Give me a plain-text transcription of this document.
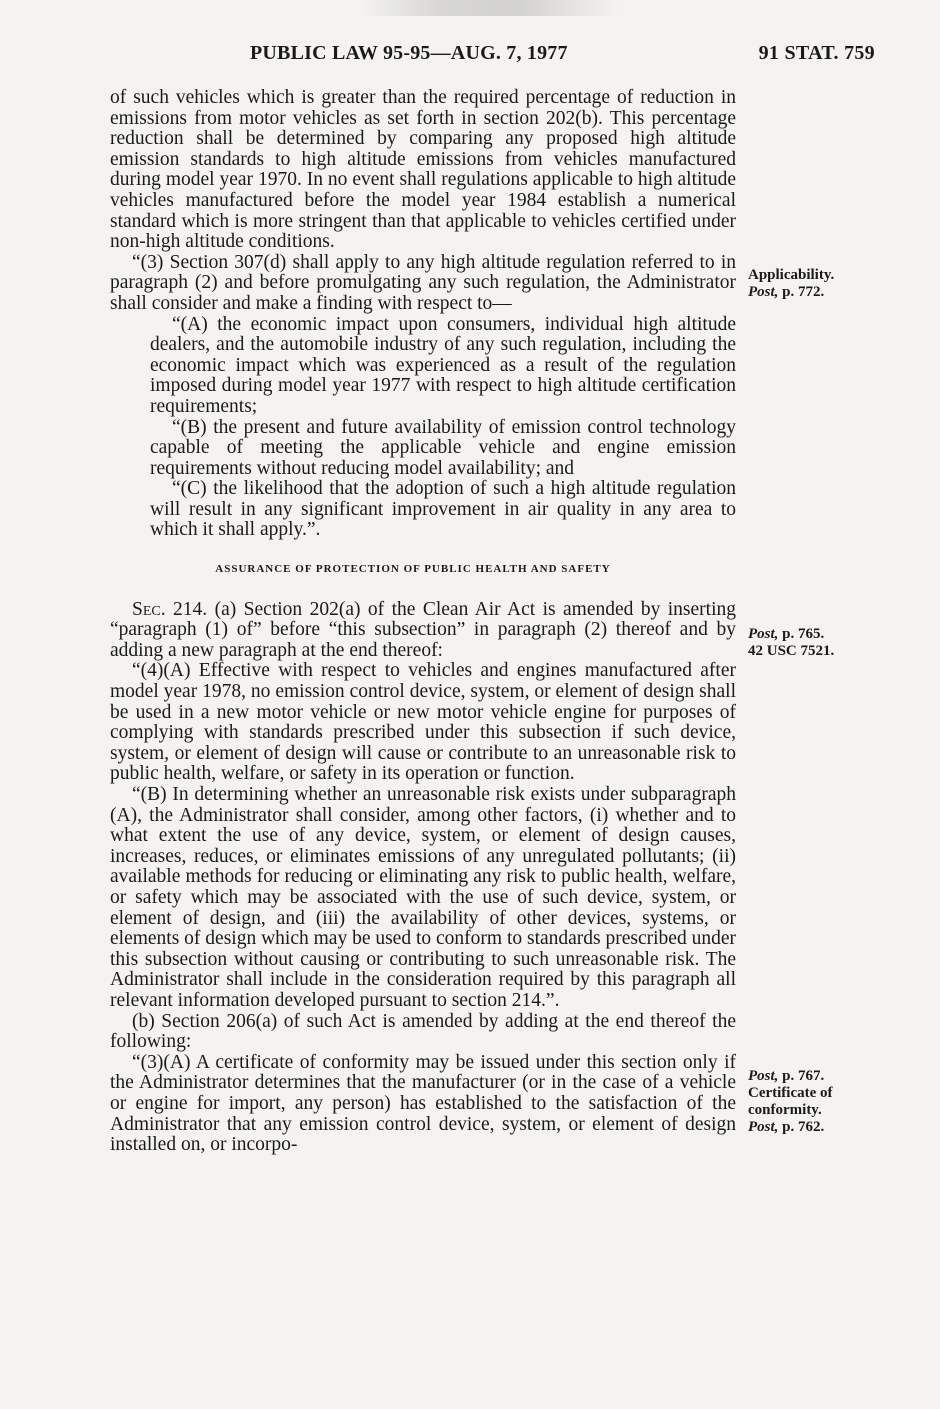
PUBLIC LAW 95-95—AUG. 7, 1977	91 STAT. 759

of such vehicles which is greater than the required percentage of reduction in emissions from motor vehicles as set forth in section 202(b). This percentage reduction shall be determined by comparing any proposed high altitude emission standards to high altitude emissions from vehicles manufactured during model year 1970. In no event shall regulations applicable to high altitude vehicles manufactured before the model year 1984 establish a numerical standard which is more stringent than that applicable to vehicles certified under non-high altitude conditions.

“(3) Section 307(d) shall apply to any high altitude regulation referred to in paragraph (2) and before promulgating any such regulation, the Administrator shall consider and make a finding with respect to—

“(A) the economic impact upon consumers, individual high altitude dealers, and the automobile industry of any such regulation, including the economic impact which was experienced as a result of the regulation imposed during model year 1977 with respect to high altitude certification requirements;

“(B) the present and future availability of emission control technology capable of meeting the applicable vehicle and engine emission requirements without reducing model availability; and

“(C) the likelihood that the adoption of such a high altitude regulation will result in any significant improvement in air quality in any area to which it shall apply.”.

ASSURANCE OF PROTECTION OF PUBLIC HEALTH AND SAFETY

Sec. 214. (a) Section 202(a) of the Clean Air Act is amended by inserting “paragraph (1) of” before “this subsection” in paragraph (2) thereof and by adding a new paragraph at the end thereof:

“(4)(A) Effective with respect to vehicles and engines manufactured after model year 1978, no emission control device, system, or element of design shall be used in a new motor vehicle or new motor vehicle engine for purposes of complying with standards prescribed under this subsection if such device, system, or element of design will cause or contribute to an unreasonable risk to public health, welfare, or safety in its operation or function.

“(B) In determining whether an unreasonable risk exists under subparagraph (A), the Administrator shall consider, among other factors, (i) whether and to what extent the use of any device, system, or element of design causes, increases, reduces, or eliminates emissions of any unregulated pollutants; (ii) available methods for reducing or eliminating any risk to public health, welfare, or safety which may be associated with the use of such device, system, or element of design, and (iii) the availability of other devices, systems, or elements of design which may be used to conform to standards prescribed under this subsection without causing or contributing to such unreasonable risk. The Administrator shall include in the consideration required by this paragraph all relevant information developed pursuant to section 214.”.

(b) Section 206(a) of such Act is amended by adding at the end thereof the following:

“(3)(A) A certificate of conformity may be issued under this section only if the Administrator determines that the manufacturer (or in the case of a vehicle or engine for import, any person) has established to the satisfaction of the Administrator that any emission control device, system, or element of design installed on, or incorpo-

Applicability.
Post, p. 772.
Post, p. 765.
42 USC 7521.
Post, p. 767.
Certificate of conformity.
Post, p. 762.
